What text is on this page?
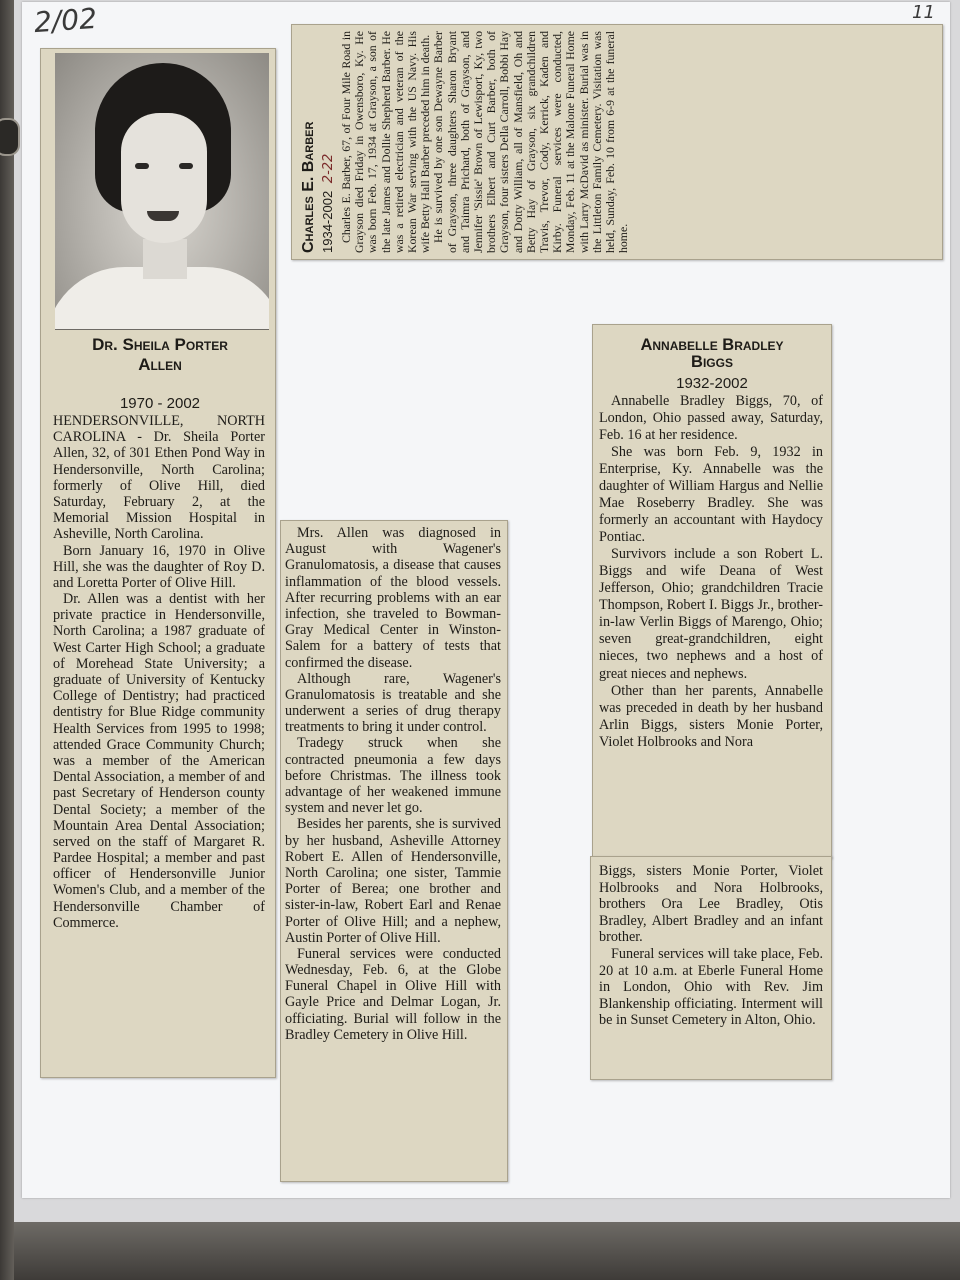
2/02	11
Dr. Sheila Porter
Allen
1970 - 2002

HENDERSONVILLE, NORTH CAROLINA - Dr. Sheila Porter Allen, 32, of 301 Ethen Pond Way in Hendersonville, North Carolina; formerly of Olive Hill, died Saturday, February 2, at the Memorial Mission Hospital in Asheville, North Carolina.

Born January 16, 1970 in Olive Hill, she was the daughter of Roy D. and Loretta Porter of Olive Hill.

Dr. Allen was a dentist with her private practice in Hendersonville, North Carolina; a 1987 graduate of West Carter High School; a graduate of Morehead State University; a graduate of University of Kentucky College of Dentistry; had practiced dentistry for Blue Ridge community Health Services from 1995 to 1998; attended Grace Community Church; was a member of the American Dental Association, a member of and past Secretary of Henderson county Dental Society; a member of the Mountain Area Dental Association; served on the staff of Margaret R. Pardee Hospital; a member and past officer of Hendersonville Junior Women's Club, and a member of the Hendersonville Chamber of Commerce.

Mrs. Allen was diagnosed in August with Wagener's Granulomatosis, a disease that causes inflammation of the blood vessels. After recurring problems with an ear infection, she traveled to Bowman-Gray Medical Center in Winston-Salem for a battery of tests that confirmed the disease.

Although rare, Wagener's Granulomatosis is treatable and she underwent a series of drug therapy treatments to bring it under control.

Tradegy struck when she contracted pneumonia a few days before Christmas. The illness took advantage of her weakened immune system and never let go.

Besides her parents, she is survived by her husband, Asheville Attorney Robert E. Allen of Hendersonville, North Carolina; one sister, Tammie Porter of Berea; one brother and sister-in-law, Robert Earl and Renae Porter of Olive Hill; and a nephew, Austin Porter of Olive Hill.

Funeral services were conducted Wednesday, Feb. 6, at the Globe Funeral Chapel in Olive Hill with Gayle Price and Delmar Logan, Jr. officiating. Burial will follow in the Bradley Cemetery in Olive Hill.

Charles E. Barber 1934-2002 2-22 Charles E. Barber, 67, of Four Mile Road in Grayson died Friday in Owensboro, Ky. He was born Feb. 17, 1934 at Grayson, a son of the late James and Dollie Shepherd Barber. He was a retired electrician and veteran of the Korean War serving with the US Navy. His wife Betty Hall Barber preceded him in death. He is survived by one son Dewayne Barber of Grayson, three daughters Sharon Bryant and Taimra Prichard, both of Grayson, and Jennifer 'Sissie' Brown of Lewisport, Ky, two brothers Elbert and Curt Barber, both of Grayson, four sisters Della Carroll, Bobbi Hay and Dotty William, all of Mansfield, Oh and Betty Hay of Grayson, six grandchildren Travis, Trevor, Cody, Kerrick, Kaden and Kirby. Funeral services were conducted, Monday, Feb. 11 at the Malone Funeral Home with Larry McDavid as minister. Burial was in the Littleton Family Cemetery. Visitation was held, Sunday, Feb. 10 from 6-9 at the funeral home.

Annabelle Bradley
Biggs
1932-2002

Annabelle Bradley Biggs, 70, of London, Ohio passed away, Saturday, Feb. 16 at her residence.

She was born Feb. 9, 1932 in Enterprise, Ky. Annabelle was the daughter of William Hargus and Nellie Mae Roseberry Bradley. She was formerly an accountant with Haydocy Pontiac.

Survivors include a son Robert L. Biggs and wife Deana of West Jefferson, Ohio; grandchildren Tracie Thompson, Robert I. Biggs Jr., brother-in-law Verlin Biggs of Marengo, Ohio; seven great-grandchildren, eight nieces, two nephews and a host of great nieces and nephews.

Other than her parents, Annabelle was preceded in death by her husband Arlin Biggs, sisters Monie Porter, Violet Holbrooks and Nora

Biggs, sisters Monie Porter, Violet Holbrooks and Nora Holbrooks, brothers Ora Lee Bradley, Otis Bradley, Albert Bradley and an infant brother.

Funeral services will take place, Feb. 20 at 10 a.m. at Eberle Funeral Home in London, Ohio with Rev. Jim Blankenship officiating. Interment will be in Sunset Cemetery in Alton, Ohio.
